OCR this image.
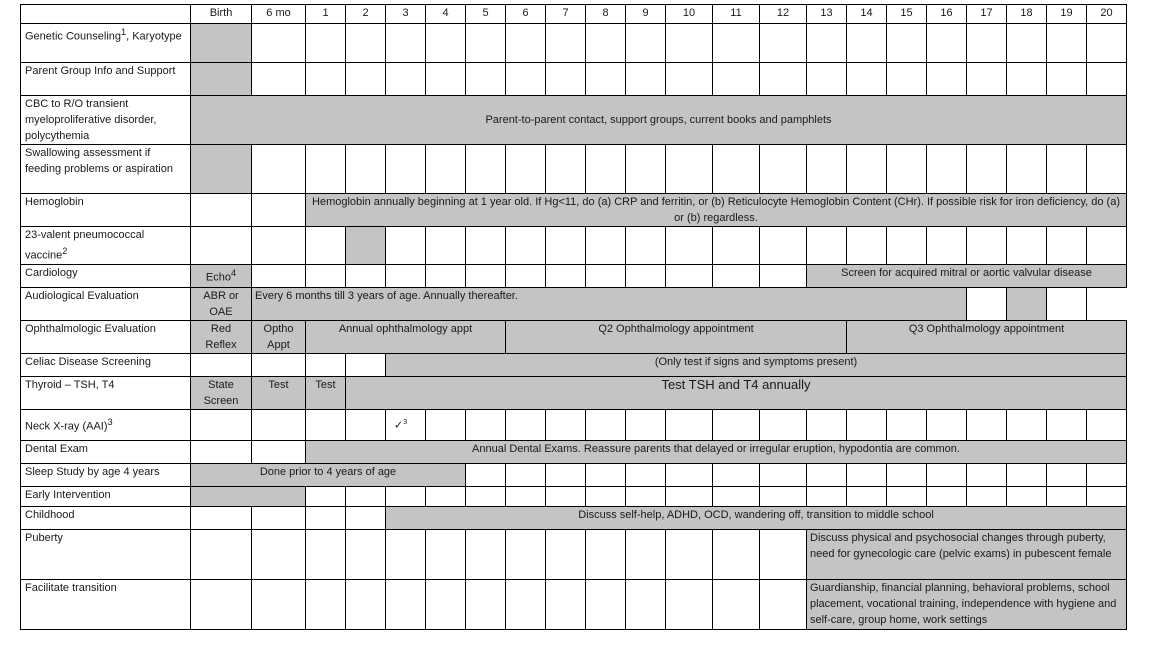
	Birth	6 mo	1	2	3	4	5	6	7	8	9	10	11	12	13	14	15	16	17	18	19	20
Genetic Counseling$^1$, Karyotype																						
Parent Group Info and Support																						
CBC to R/O transient myeloproliferative disorder, polycythemia	Parent-to-parent contact, support groups, current books and pamphlets																					
Swallowing assessment if feeding problems or aspiration																						
Hemoglobin			Hemoglobin annually beginning at 1 year old. If Hg<11, do (a) CRP and ferritin, or (b) Reticulocyte Hemoglobin Content (CHr). If possible risk for iron deficiency, do (a) or (b) regardless.																			
23-valent pneumococcal vaccine$^2$																						
Cardiology	Echo$^4$														Screen for acquired mitral or aortic valvular disease							
Audiological Evaluation	ABR or OAE	Every 6 months till 3 years of age. Annually thereafter.																				
Ophthalmologic Evaluation	Red Reflex	Optho Appt	Annual ophthalmology appt					Q2 Ophthalmology appointment								Q3 Ophthalmology appointment						
Celiac Disease Screening					(Only test if signs and symptoms present)																	
Thyroid – TSH, T4	State Screen	Test	Test	Test TSH and T4 annually																		
Neck X-ray (AAI)$^3$					✓$^3$																	
Dental Exam			Annual Dental Exams. Reassure parents that delayed or irregular eruption, hypodontia are common.																			
Sleep Study by age 4 years	Done prior to 4 years of age																					
Early Intervention																						
Childhood					Discuss self-help, ADHD, OCD, wandering off, transition to middle school																	
Puberty															Discuss physical and psychosocial changes through puberty, need for gynecologic care (pelvic exams) in pubescent female							
Facilitate transition															Guardianship, financial planning, behavioral problems, school placement, vocational training, independence with hygiene and self-care, group home, work settings							
